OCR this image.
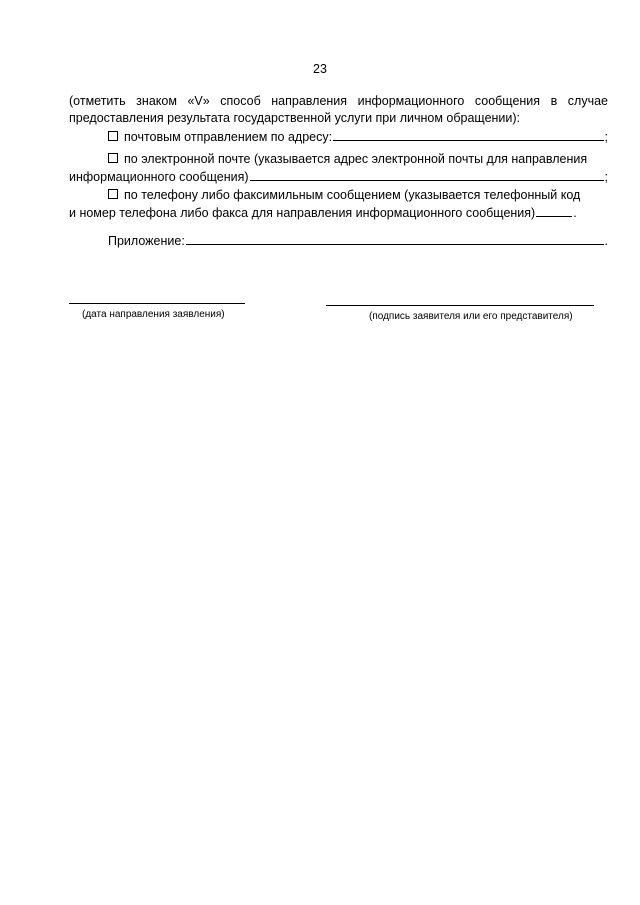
23
(отметить знаком «V» способ направления информационного сообщения в случае
предоставления результата государственной услуги при личном обращении):
почтовым отправлением по адресу:	;
по электронной почте (указывается адрес электронной почты для направления
информационного сообщения)	;
по телефону либо факсимильным сообщением (указывается телефонный код
и номер телефона либо факса для направления информационного сообщения)	.
Приложение:	.
(дата направления заявления)	(подпись заявителя или его представителя)
